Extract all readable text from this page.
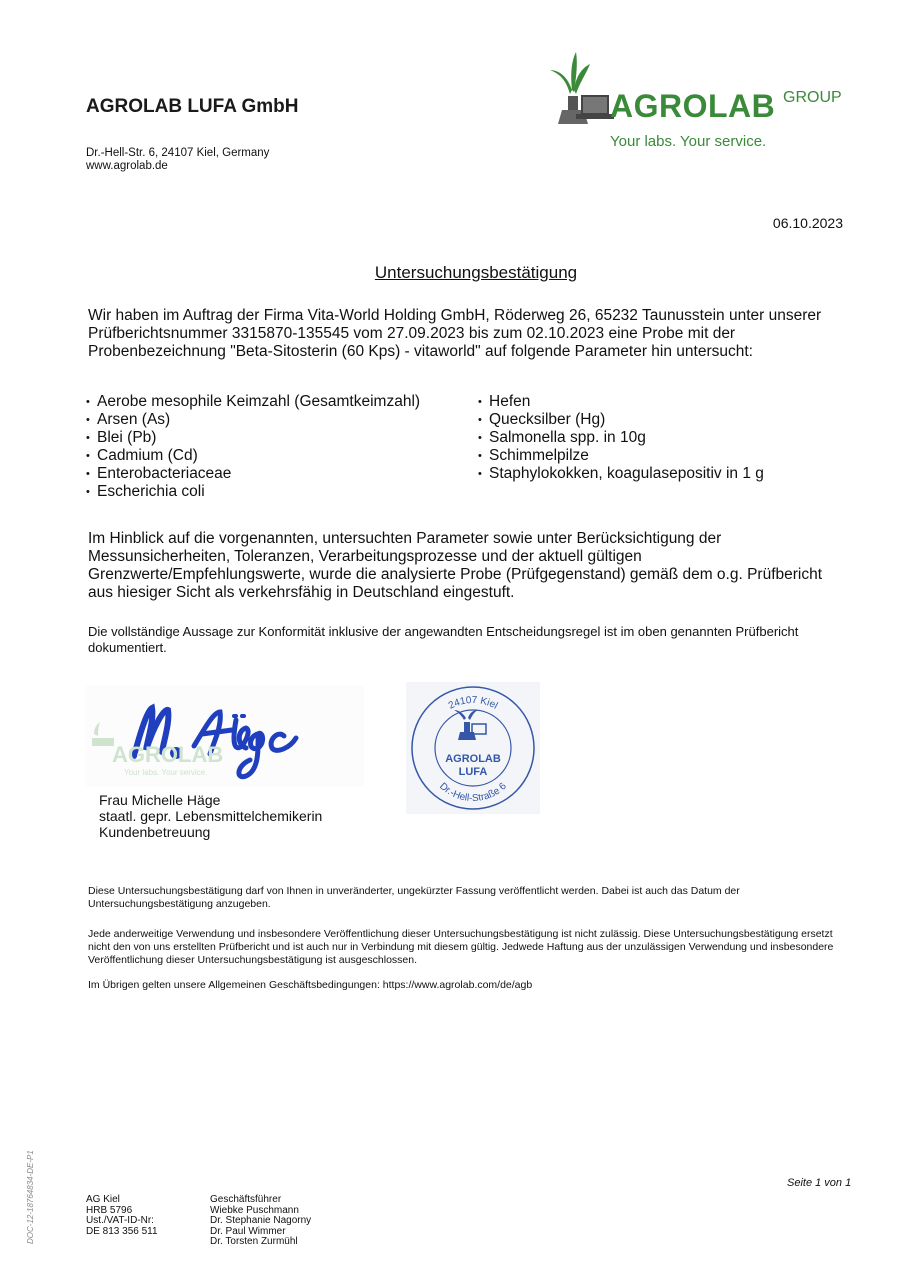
AGROLAB LUFA GmbH
Dr.-Hell-Str. 6, 24107 Kiel, Germany
www.agrolab.de
AGROLAB GROUP
Your labs. Your service.
06.10.2023
Untersuchungsbestätigung
Wir haben im Auftrag der Firma Vita-World Holding GmbH, Röderweg 26, 65232 Taunusstein unter unserer Prüfberichtsnummer 3315870-135545 vom 27.09.2023 bis zum 02.10.2023 eine Probe mit der Probenbezeichnung "Beta-Sitosterin (60 Kps) - vitaworld" auf folgende Parameter hin untersucht:
• Aerobe mesophile Keimzahl (Gesamtkeimzahl)
• Arsen (As)
• Blei (Pb)
• Cadmium (Cd)
• Enterobacteriaceae
• Escherichia coli
• Hefen
• Quecksilber (Hg)
• Salmonella spp. in 10g
• Schimmelpilze
• Staphylokokken, koagulasepositiv in 1 g
Im Hinblick auf die vorgenannten, untersuchten Parameter sowie unter Berücksichtigung der Messunsicherheiten, Toleranzen, Verarbeitungsprozesse und der aktuell gültigen Grenzwerte/Empfehlungswerte, wurde die analysierte Probe (Prüfgegenstand) gemäß dem o.g. Prüfbericht aus hiesiger Sicht als verkehrsfähig in Deutschland eingestuft.
Die vollständige Aussage zur Konformität inklusive der angewandten Entscheidungsregel ist im oben genannten Prüfbericht dokumentiert.
AGROLAB
Your labs. Your service.
Frau Michelle Häge
staatl. gepr. Lebensmittelchemikerin
Kundenbetreuung
24107 Kiel
Dr.-Hell-Straße 6
AGROLAB
LUFA
Diese Untersuchungsbestätigung darf von Ihnen in unveränderter, ungekürzter Fassung veröffentlicht werden. Dabei ist auch das Datum der Untersuchungsbestätigung anzugeben.
Jede anderweitige Verwendung und insbesondere Veröffentlichung dieser Untersuchungsbestätigung ist nicht zulässig. Diese Untersuchungsbestätigung ersetzt nicht den von uns erstellten Prüfbericht und ist auch nur in Verbindung mit diesem gültig. Jedwede Haftung aus der unzulässigen Verwendung und insbesondere Veröffentlichung dieser Untersuchungsbestätigung ist ausgeschlossen.
Im Übrigen gelten unsere Allgemeinen Geschäftsbedingungen: https://www.agrolab.com/de/agb
Seite 1 von 1
DOC-12-18764834-DE-P1	AG Kiel
HRB 5796
Ust./VAT-ID-Nr:
DE 813 356 511
Geschäftsführer
Wiebke Puschmann
Dr. Stephanie Nagorny
Dr. Paul Wimmer
Dr. Torsten Zurmühl
